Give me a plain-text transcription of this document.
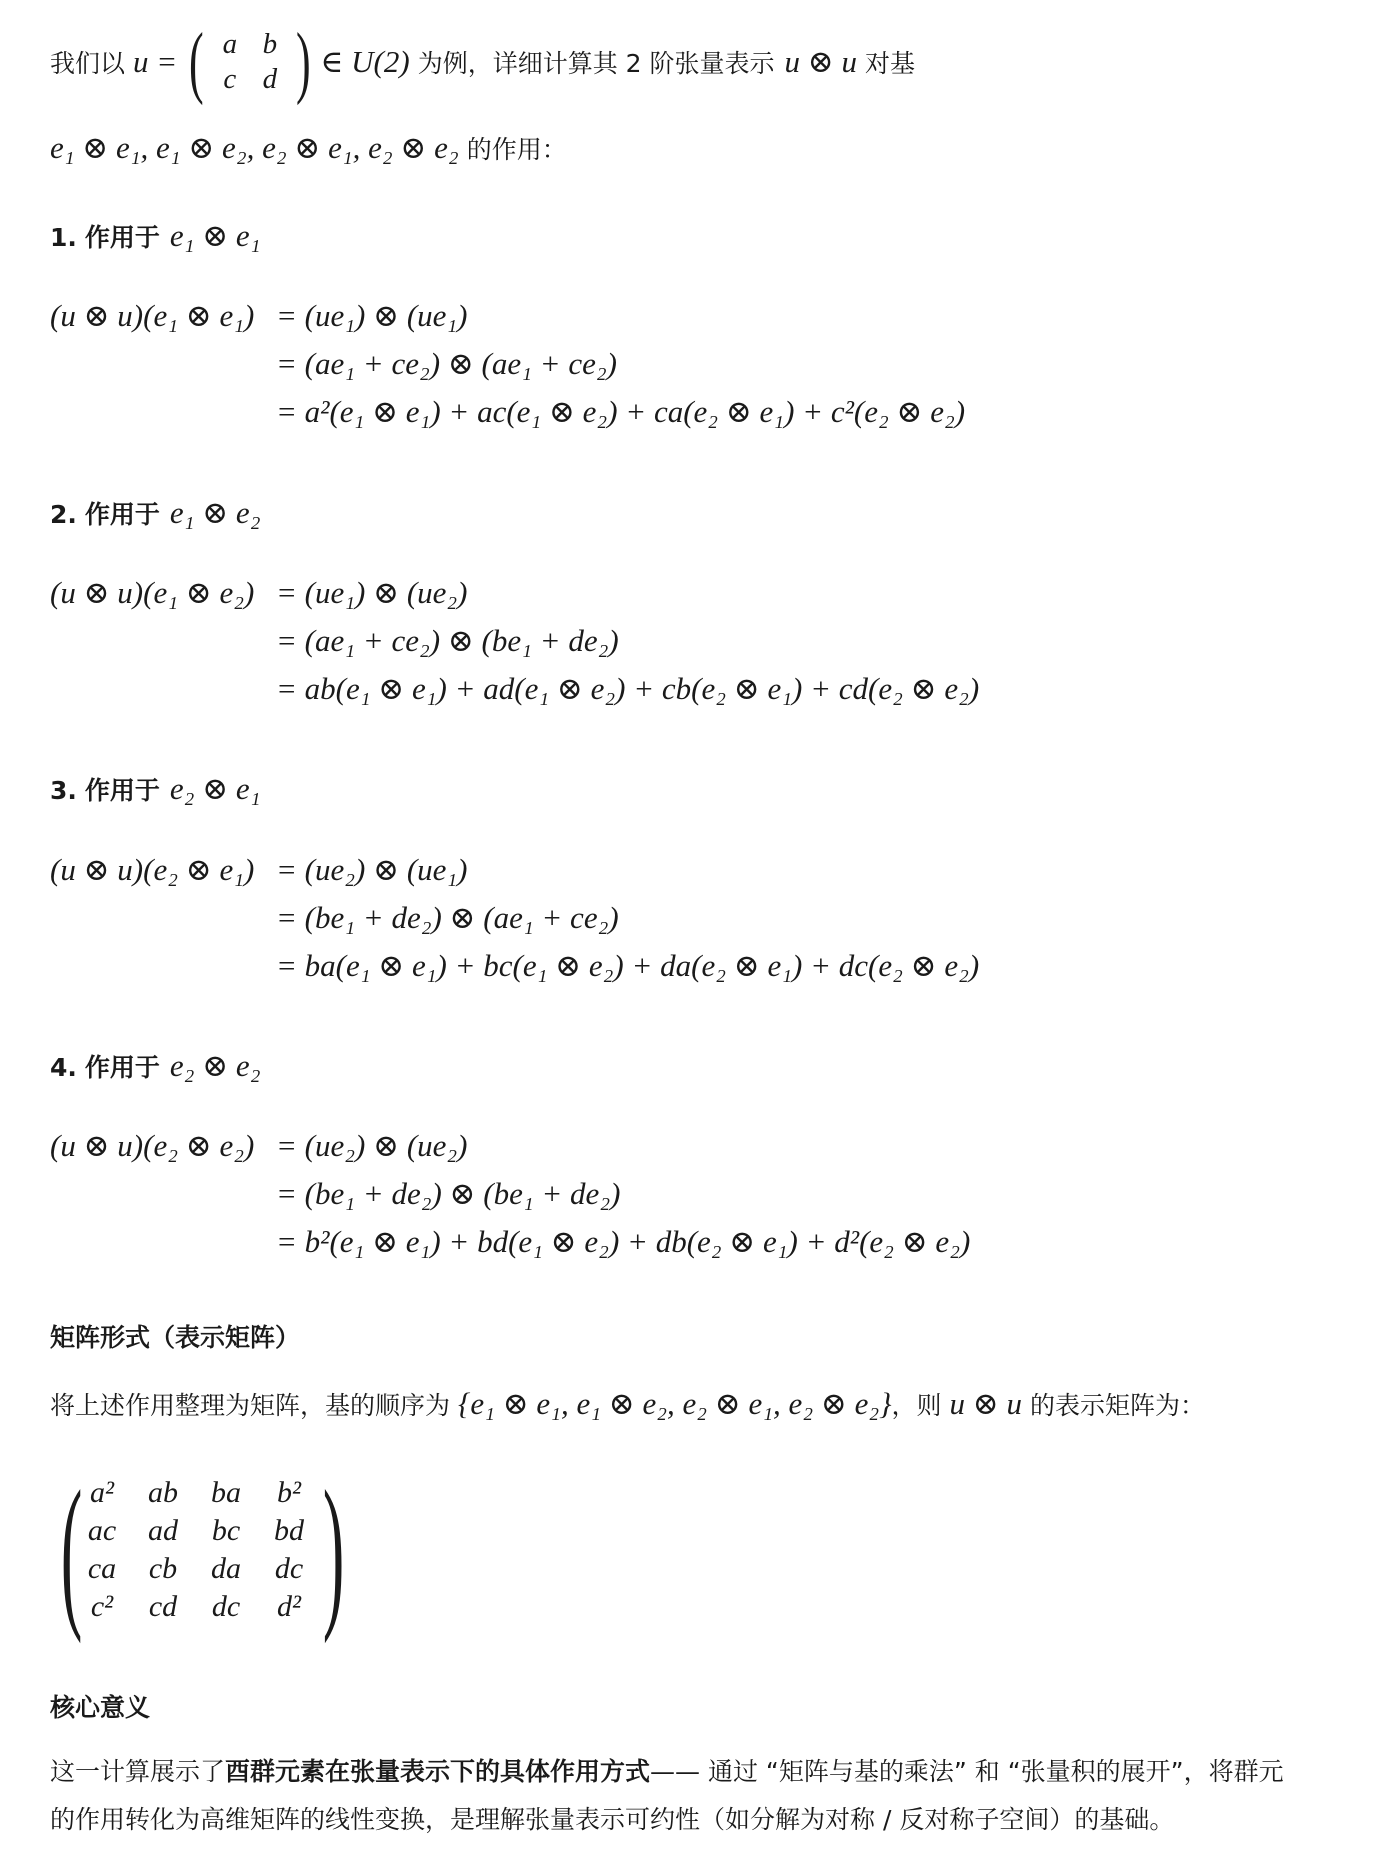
我们以 u = ( a b
c d ) ∈ U(2) 为例，详细计算其 2 阶张量表示 u ⊗ u 对基
e₁ ⊗ e₁, e₁ ⊗ e₂, e₂ ⊗ e₁, e₂ ⊗ e₂ 的作用：
1. 作用于 e₁ ⊗ e₁
(u ⊗ u)(e₁ ⊗ e₁) = (ue₁) ⊗ (ue₁)
= (ae₁ + ce₂) ⊗ (ae₁ + ce₂)
= a²(e₁ ⊗ e₁) + ac(e₁ ⊗ e₂) + ca(e₂ ⊗ e₁) + c²(e₂ ⊗ e₂)
2. 作用于 e₁ ⊗ e₂
(u ⊗ u)(e₁ ⊗ e₂) = (ue₁) ⊗ (ue₂)
= (ae₁ + ce₂) ⊗ (be₁ + de₂)
= ab(e₁ ⊗ e₁) + ad(e₁ ⊗ e₂) + cb(e₂ ⊗ e₁) + cd(e₂ ⊗ e₂)
3. 作用于 e₂ ⊗ e₁
(u ⊗ u)(e₂ ⊗ e₁) = (ue₂) ⊗ (ue₁)
= (be₁ + de₂) ⊗ (ae₁ + ce₂)
= ba(e₁ ⊗ e₁) + bc(e₁ ⊗ e₂) + da(e₂ ⊗ e₁) + dc(e₂ ⊗ e₂)
4. 作用于 e₂ ⊗ e₂
(u ⊗ u)(e₂ ⊗ e₂) = (ue₂) ⊗ (ue₂)
= (be₁ + de₂) ⊗ (be₁ + de₂)
= b²(e₁ ⊗ e₁) + bd(e₁ ⊗ e₂) + db(e₂ ⊗ e₁) + d²(e₂ ⊗ e₂)
矩阵形式（表示矩阵）
将上述作用整理为矩阵，基的顺序为 {e₁ ⊗ e₁, e₁ ⊗ e₂, e₂ ⊗ e₁, e₂ ⊗ e₂} ，则 u ⊗ u 的表示矩阵为：
( a²	ab	ba	b²
ac	ad	bc	bd
ca	cb	da	dc
c²	cd	dc	d² )
核心意义
这一计算展示了酉群元素在张量表示下的具体作用方式—— 通过 “矩阵与基的乘法” 和 “张量积的展开”，将群元
的作用转化为高维矩阵的线性变换，是理解张量表示可约性（如分解为对称 / 反对称子空间）的基础。
